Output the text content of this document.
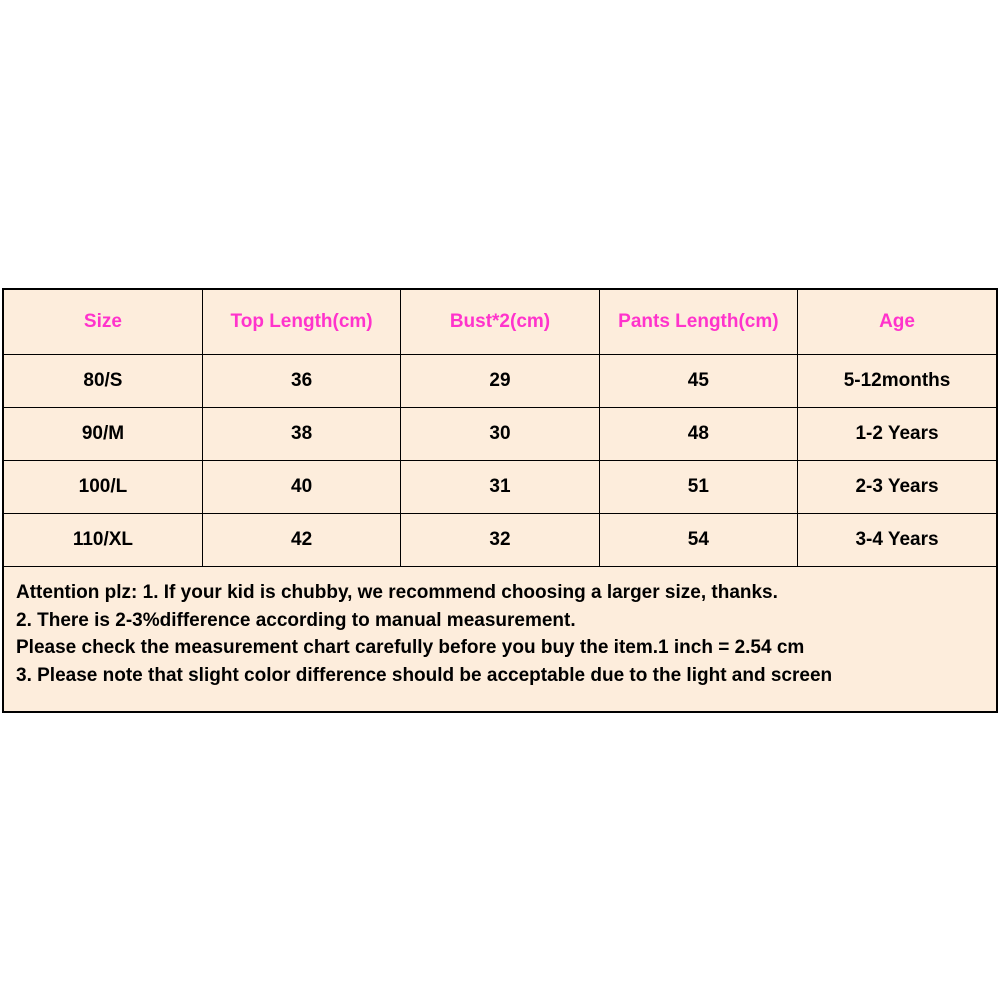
Size	Top Length(cm)	Bust*2(cm)	Pants Length(cm)	Age
80/S	36	29	45	5-12months
90/M	38	30	48	1-2 Years
100/L	40	31	51	2-3 Years
110/XL	42	32	54	3-4 Years
Attention plz: 1. If your kid is chubby, we recommend choosing a larger size, thanks.
2. There is 2-3%difference according to manual measurement.
Please check the measurement chart carefully before you buy the item.1 inch = 2.54 cm
3. Please note that slight color difference should be acceptable due to the light and screen
